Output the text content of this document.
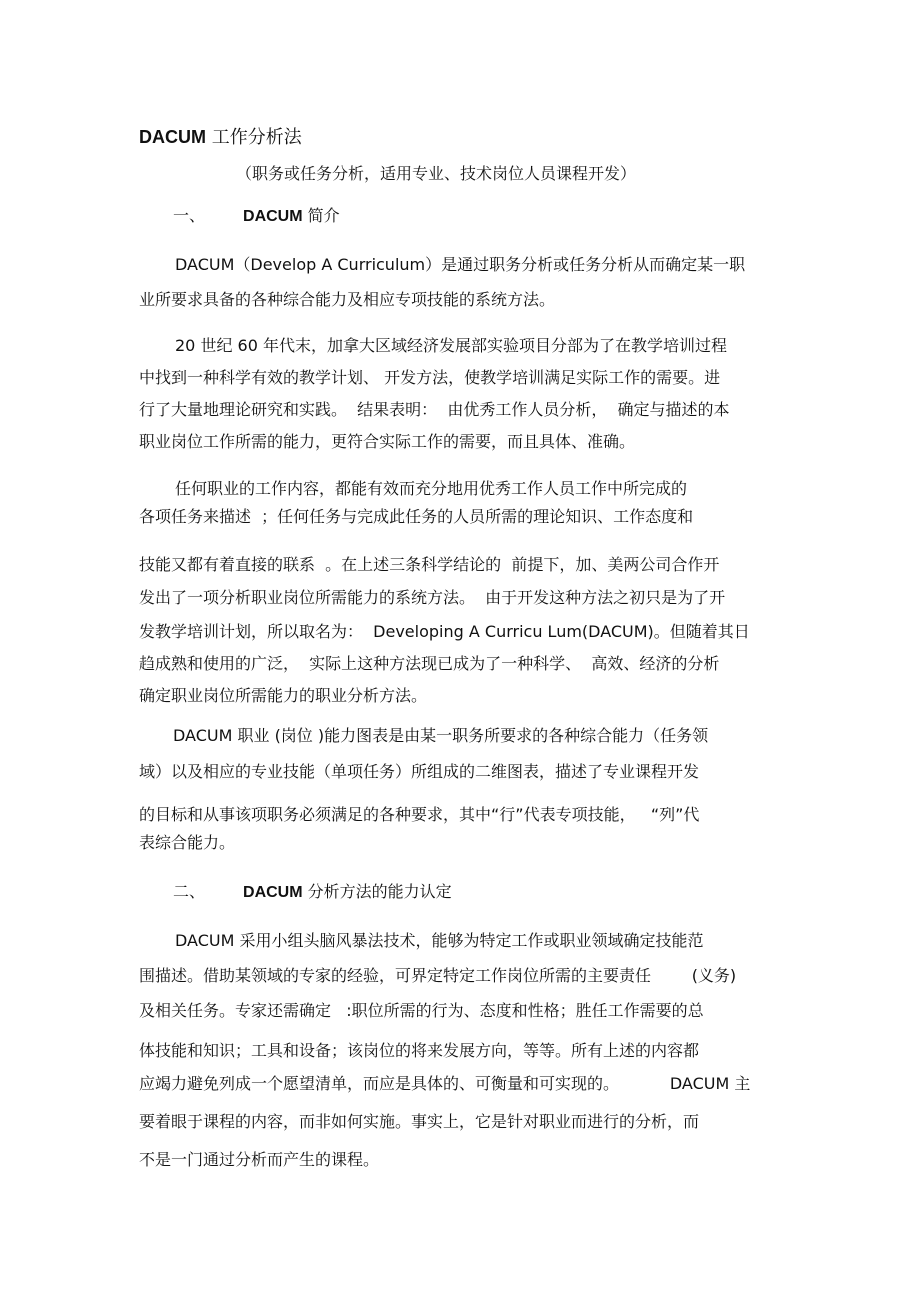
DACUM 工作分析法

（职务或任务分析，适用专业、技术岗位人员课程开发）

一、 DACUM 简介

DACUM（Develop A Curriculum）是通过职务分析或任务分析从而确定某一职

业所要求具备的各种综合能力及相应专项技能的系统方法。

20 世纪 60 年代末，加拿大区域经济发展部实验项目分部为了在教学培训过程

中找到一种科学有效的教学计划、 开发方法，使教学培训满足实际工作的需要。进

行了大量地理论研究和实践。  结果表明：  由优秀工作人员分析，  确定与描述的本

职业岗位工作所需的能力，更符合实际工作的需要，而且具体、准确。

任何职业的工作内容，都能有效而充分地用优秀工作人员工作中所完成的

各项任务来描述  ；任何任务与完成此任务的人员所需的理论知识、工作态度和

技能又都有着直接的联系  。在上述三条科学结论的  前提下，加、美两公司合作开

发出了一项分析职业岗位所需能力的系统方法。  由于开发这种方法之初只是为了开

发教学培训计划，所以取名为：  Developing A Curricu Lum(DACUM)。但随着其日

趋成熟和使用的广泛，  实际上这种方法现已成为了一种科学、  高效、经济的分析

确定职业岗位所需能力的职业分析方法。

DACUM 职业 (岗位 )能力图表是由某一职务所要求的各种综合能力（任务领

域）以及相应的专业技能（单项任务）所组成的二维图表，描述了专业课程开发

的目标和从事该项职务必须满足的各种要求，其中“行”代表专项技能，   “列”代

表综合能力。

二、 DACUM 分析方法的能力认定

DACUM 采用小组头脑风暴法技术，能够为特定工作或职业领域确定技能范

围描述。借助某领域的专家的经验，可界定特定工作岗位所需的主要责任        (义务)

及相关任务。专家还需确定   :职位所需的行为、态度和性格；胜任工作需要的总

体技能和知识；工具和设备；该岗位的将来发展方向，等等。所有上述的内容都

应竭力避免列成一个愿望清单，而应是具体的、可衡量和可实现的。          DACUM 主

要着眼于课程的内容，而非如何实施。事实上，它是针对职业而进行的分析，而

不是一门通过分析而产生的课程。
